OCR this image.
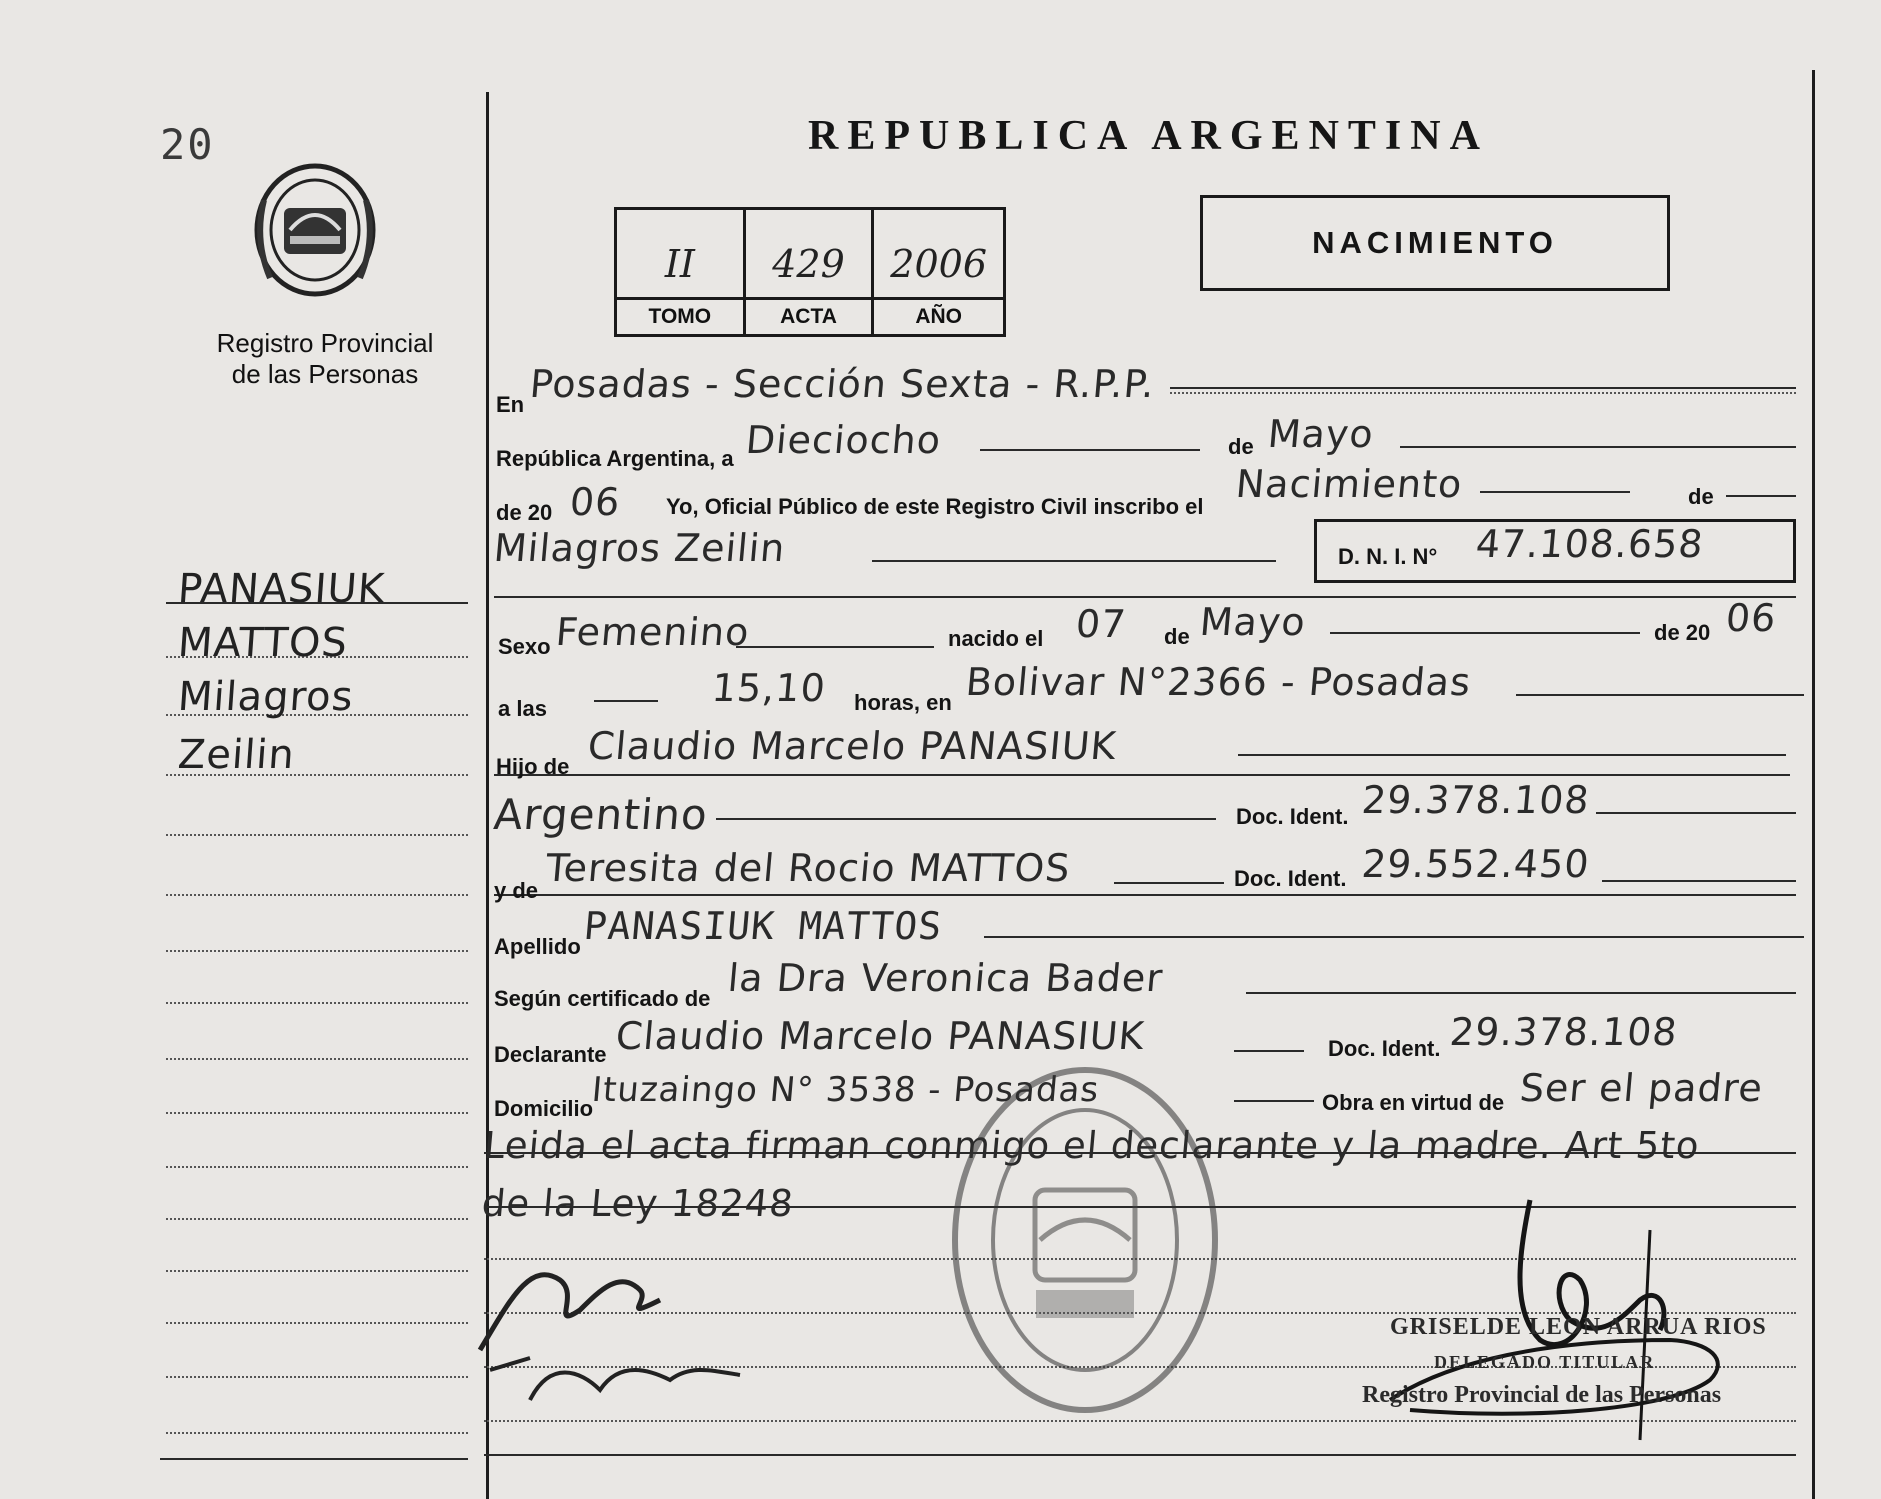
20
Registro Provincial
de las Personas
PANASIUK
MATTOS
Milagros
Zeilin
REPUBLICA ARGENTINA
II	429	2006
TOMO	ACTA	AÑO
NACIMIENTO
En Posadas - Sección Sexta - R.P.P.
República Argentina, a Dieciocho	de Mayo
de 20 06 Yo, Oficial Público de este Registro Civil inscribo el
Nacimiento	de
Milagros Zeilin	D. N. I. N° 47.108.658
Sexo Femenino	nacido el 07 de Mayo	de 20 06
a las	15,10 horas, en Bolivar N°2366 - Posadas
Hijo de Claudio Marcelo PANASIUK
Argentino	Doc. Ident. 29.378.108
y de
Teresita del Rocio MATTOS	Doc. Ident. 29.552.450
Apellido PANASIUK MATTOS
Según certificado de la Dra Veronica Bader
Declarante Claudio Marcelo PANASIUK	Doc. Ident. 29.378.108
Domicilio
Ituzaingo N° 3538 - Posadas	Obra en virtud de Ser el padre
Leida el acta firman conmigo el declarante y la madre. Art 5to
de la Ley 18248
GRISELDE LEON ARRUA RIOS
DELEGADO TITULAR
Registro Provincial de las Personas
